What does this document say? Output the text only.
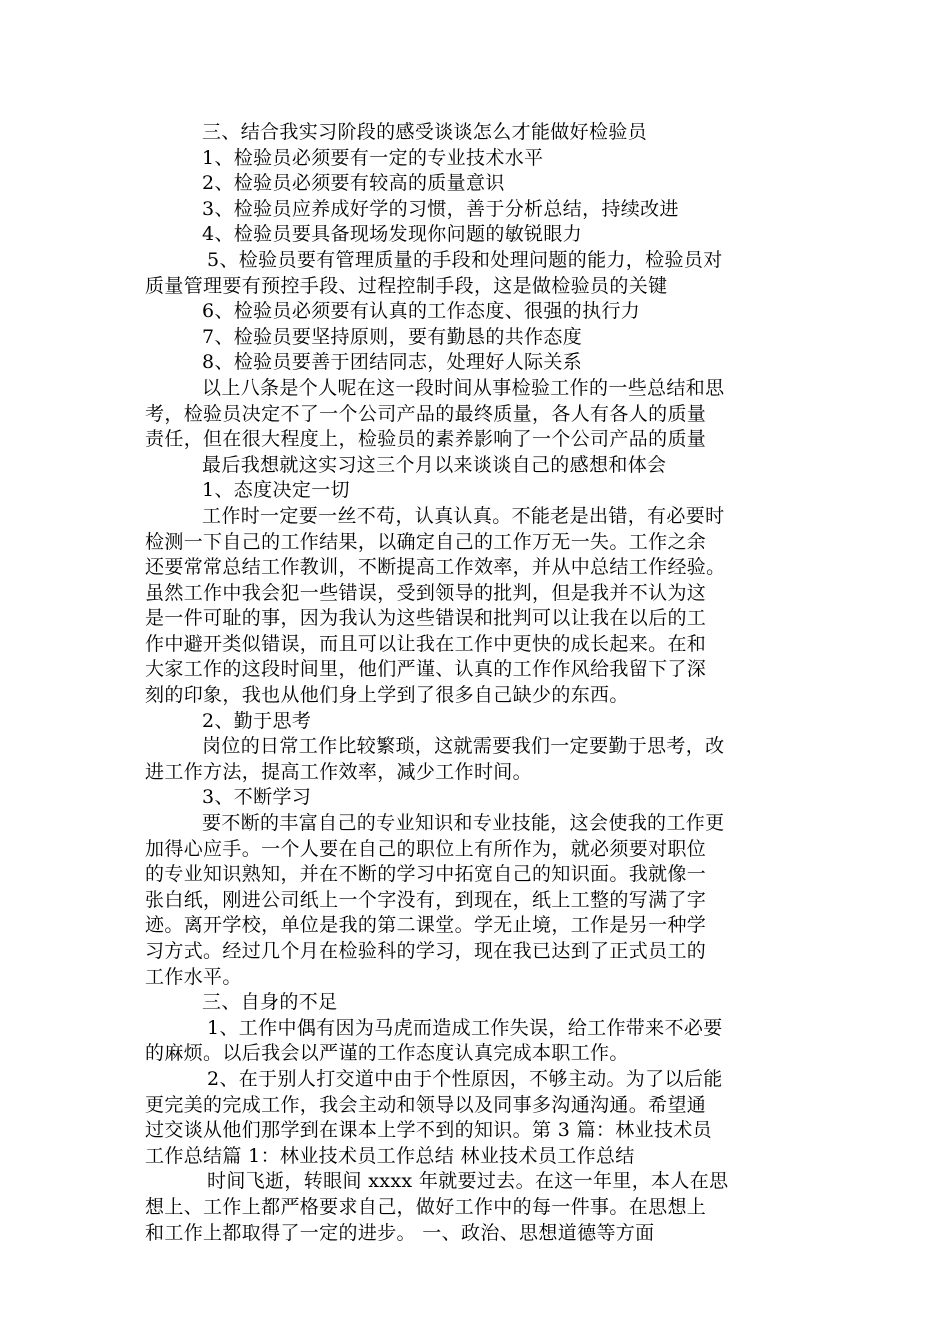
三、结合我实习阶段的感受谈谈怎么才能做好检验员
1、检验员必须要有一定的专业技术水平
2、检验员必须要有较高的质量意识
3、检验员应养成好学的习惯，善于分析总结，持续改进
4、检验员要具备现场发现你问题的敏锐眼力
5、检验员要有管理质量的手段和处理问题的能力，检验员对
质量管理要有预控手段、过程控制手段，这是做检验员的关键
6、检验员必须要有认真的工作态度、很强的执行力
7、检验员要坚持原则，要有勤恳的共作态度
8、检验员要善于团结同志，处理好人际关系
以上八条是个人呢在这一段时间从事检验工作的一些总结和思
考，检验员决定不了一个公司产品的最终质量，各人有各人的质量
责任，但在很大程度上，检验员的素养影响了一个公司产品的质量
最后我想就这实习这三个月以来谈谈自己的感想和体会
1、态度决定一切
工作时一定要一丝不苟，认真认真。不能老是出错，有必要时
检测一下自己的工作结果，以确定自己的工作万无一失。工作之余
还要常常总结工作教训，不断提高工作效率，并从中总结工作经验。
虽然工作中我会犯一些错误，受到领导的批判，但是我并不认为这
是一件可耻的事，因为我认为这些错误和批判可以让我在以后的工
作中避开类似错误，而且可以让我在工作中更快的成长起来。在和
大家工作的这段时间里，他们严谨、认真的工作作风给我留下了深
刻的印象，我也从他们身上学到了很多自己缺少的东西。
2、勤于思考
岗位的日常工作比较繁琐，这就需要我们一定要勤于思考，改
进工作方法，提高工作效率，减少工作时间。
3、不断学习
要不断的丰富自己的专业知识和专业技能，这会使我的工作更
加得心应手。一个人要在自己的职位上有所作为，就必须要对职位
的专业知识熟知，并在不断的学习中拓宽自己的知识面。我就像一
张白纸，刚进公司纸上一个字没有，到现在，纸上工整的写满了字
迹。离开学校，单位是我的第二课堂。学无止境，工作是另一种学
习方式。经过几个月在检验科的学习，现在我已达到了正式员工的
工作水平。
三、自身的不足
1、工作中偶有因为马虎而造成工作失误，给工作带来不必要
的麻烦。以后我会以严谨的工作态度认真完成本职工作。
2、在于别人打交道中由于个性原因，不够主动。为了以后能
更完美的完成工作，我会主动和领导以及同事多沟通沟通。希望通
过交谈从他们那学到在课本上学不到的知识。第 3 篇：林业技术员
工作总结篇 1：林业技术员工作总结 林业技术员工作总结
时间飞逝，转眼间 xxxx 年就要过去。在这一年里，本人在思
想上、工作上都严格要求自己，做好工作中的每一件事。在思想上
和工作上都取得了一定的进步。 一、政治、思想道德等方面
